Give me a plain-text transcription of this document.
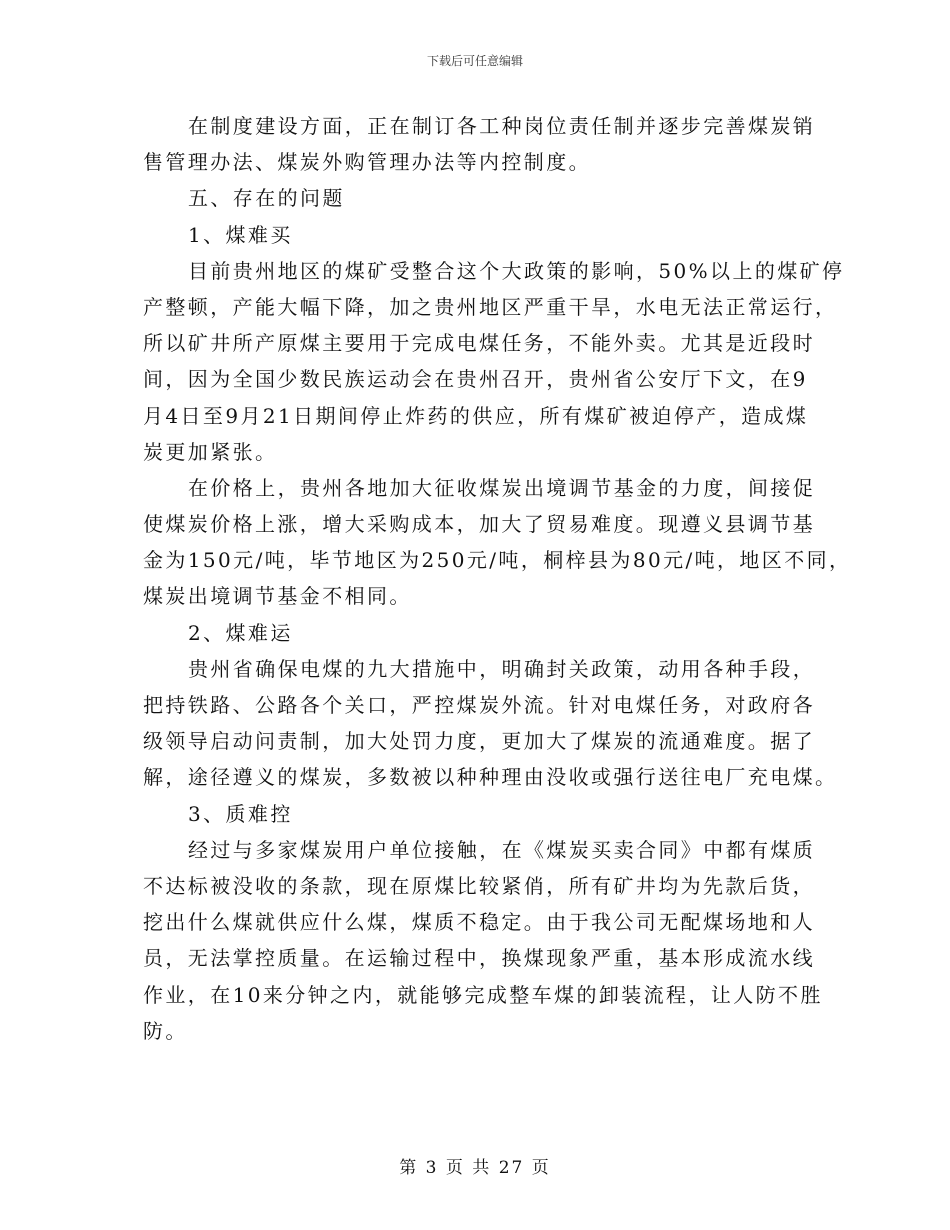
下载后可任意编辑
在制度建设方面，正在制订各工种岗位责任制并逐步完善煤炭销
售管理办法、煤炭外购管理办法等内控制度。
五、存在的问题
1、煤难买
目前贵州地区的煤矿受整合这个大政策的影响，50%以上的煤矿停
产整顿，产能大幅下降，加之贵州地区严重干旱，水电无法正常运行，
所以矿井所产原煤主要用于完成电煤任务，不能外卖。尤其是近段时
间，因为全国少数民族运动会在贵州召开，贵州省公安厅下文，在9
月4日至9月21日期间停止炸药的供应，所有煤矿被迫停产，造成煤
炭更加紧张。
在价格上，贵州各地加大征收煤炭出境调节基金的力度，间接促
使煤炭价格上涨，增大采购成本，加大了贸易难度。现遵义县调节基
金为150元/吨，毕节地区为250元/吨，桐梓县为80元/吨，地区不同，
煤炭出境调节基金不相同。
2、煤难运
贵州省确保电煤的九大措施中，明确封关政策，动用各种手段，
把持铁路、公路各个关口，严控煤炭外流。针对电煤任务，对政府各
级领导启动问责制，加大处罚力度，更加大了煤炭的流通难度。据了
解，途径遵义的煤炭，多数被以种种理由没收或强行送往电厂充电煤。
3、质难控
经过与多家煤炭用户单位接触，在《煤炭买卖合同》中都有煤质
不达标被没收的条款，现在原煤比较紧俏，所有矿井均为先款后货，
挖出什么煤就供应什么煤，煤质不稳定。由于我公司无配煤场地和人
员，无法掌控质量。在运输过程中，换煤现象严重，基本形成流水线
作业，在10来分钟之内，就能够完成整车煤的卸装流程，让人防不胜
防。
第 3 页 共 27 页
